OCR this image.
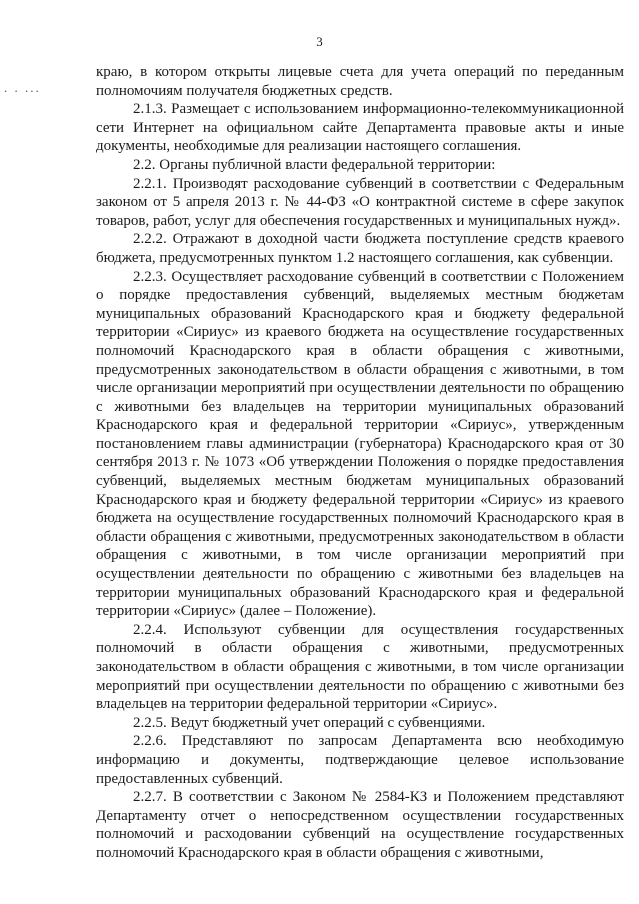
3
. . ...

краю, в котором открыты лицевые счета для учета операций по переданным полномочиям получателя бюджетных средств.

2.1.3. Размещает с использованием информационно-телекоммуникационной сети Интернет на официальном сайте Департамента правовые акты и иные документы, необходимые для реализации настоящего соглашения.

2.2. Органы публичной власти федеральной территории:

2.2.1. Производят расходование субвенций в соответствии с Федеральным законом от 5 апреля 2013 г. № 44-ФЗ «О контрактной системе в сфере закупок товаров, работ, услуг для обеспечения государственных и муниципальных нужд».

2.2.2. Отражают в доходной части бюджета поступление средств краевого бюджета, предусмотренных пунктом 1.2 настоящего соглашения, как субвенции.

2.2.3. Осуществляет расходование субвенций в соответствии с Положением о порядке предоставления субвенций, выделяемых местным бюджетам муниципальных образований Краснодарского края и бюджету федеральной территории «Сириус» из краевого бюджета на осуществление государственных полномочий Краснодарского края в области обращения с животными, предусмотренных законодательством в области обращения с животными, в том числе организации мероприятий при осуществлении деятельности по обращению с животными без владельцев на территории муниципальных образований Краснодарского края и федеральной территории «Сириус», утвержденным постановлением главы администрации (губернатора) Краснодарского края от 30 сентября 2013 г. № 1073 «Об утверждении Положения о порядке предоставления субвенций, выделяемых местным бюджетам муниципальных образований Краснодарского края и бюджету федеральной территории «Сириус» из краевого бюджета на осуществление государственных полномочий Краснодарского края в области обращения с животными, предусмотренных законодательством в области обращения с животными, в том числе организации мероприятий при осуществлении деятельности по обращению с животными без владельцев на территории муниципальных образований Краснодарского края и федеральной территории «Сириус» (далее – Положение).

2.2.4. Используют субвенции для осуществления государственных полномочий в области обращения с животными, предусмотренных законодательством в области обращения с животными, в том числе организации мероприятий при осуществлении деятельности по обращению с животными без владельцев на территории федеральной территории «Сириус».

2.2.5. Ведут бюджетный учет операций с субвенциями.

2.2.6. Представляют по запросам Департамента всю необходимую информацию и документы, подтверждающие целевое использование предоставленных субвенций.

2.2.7. В соответствии с Законом № 2584-КЗ и Положением представляют Департаменту отчет о непосредственном осуществлении государственных полномочий и расходовании субвенций на осуществление государственных полномочий Краснодарского края в области обращения с животными,
